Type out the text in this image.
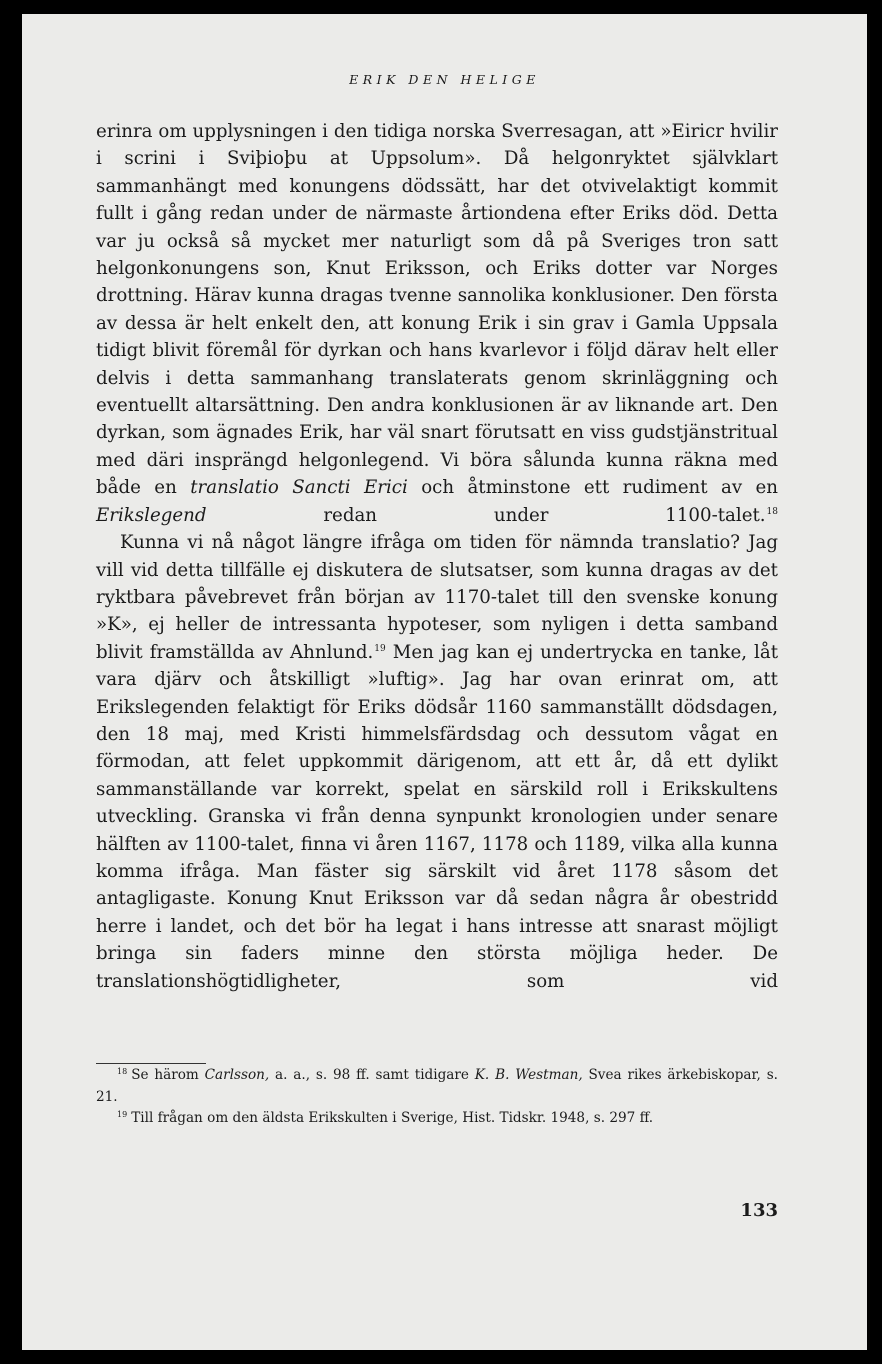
ERIK DEN HELIGE

erinra om upplysningen i den tidiga norska Sverresagan, att »Eiricr hvilir i scrini i Sviþioþu at Uppsolum». Då helgonryktet självklart sammanhängt med konungens dödssätt, har det otvivelaktigt kommit fullt i gång redan under de närmaste årtiondena efter Eriks död. Detta var ju också så mycket mer naturligt som då på Sveriges tron satt helgonkonungens son, Knut Eriksson, och Eriks dotter var Norges drottning. Härav kunna dragas tvenne sannolika konklusioner. Den första av dessa är helt enkelt den, att konung Erik i sin grav i Gamla Uppsala tidigt blivit föremål för dyrkan och hans kvarlevor i följd därav helt eller delvis i detta sammanhang translaterats genom skrinläggning och eventuellt altarsättning. Den andra konklusionen är av liknande art. Den dyrkan, som ägnades Erik, har väl snart förutsatt en viss gudstjänstritual med däri insprängd helgonlegend. Vi böra sålunda kunna räkna med både en translatio Sancti Erici och åtminstone ett rudiment av en Erikslegend redan under 1100-talet.$^{18}$

Kunna vi nå något längre ifråga om tiden för nämnda translatio? Jag vill vid detta tillfälle ej diskutera de slutsatser, som kunna dragas av det ryktbara påvebrevet från början av 1170-talet till den svenske konung »K», ej heller de intressanta hypoteser, som nyligen i detta samband blivit framställda av Ahnlund.$^{19}$ Men jag kan ej undertrycka en tanke, låt vara djärv och åtskilligt »luftig». Jag har ovan erinrat om, att Erikslegenden felaktigt för Eriks dödsår 1160 sammanställt dödsdagen, den 18 maj, med Kristi himmelsfärdsdag och dessutom vågat en förmodan, att felet uppkommit därigenom, att ett år, då ett dylikt sammanställande var korrekt, spelat en särskild roll i Erikskultens utveckling. Granska vi från denna synpunkt kronologien under senare hälften av 1100-talet, finna vi åren 1167, 1178 och 1189, vilka alla kunna komma ifråga. Man fäster sig särskilt vid året 1178 såsom det antagligaste. Konung Knut Eriksson var då sedan några år obestridd herre i landet, och det bör ha legat i hans intresse att snarast möjligt bringa sin faders minne den största möjliga heder. De translationshögtidligheter, som vid

$^{18}$ Se härom Carlsson, a. a., s. 98 ff. samt tidigare K. B. Westman, Svea rikes ärkebiskopar, s. 21.

$^{19}$ Till frågan om den äldsta Erikskulten i Sverige, Hist. Tidskr. 1948, s. 297 ff.

133
